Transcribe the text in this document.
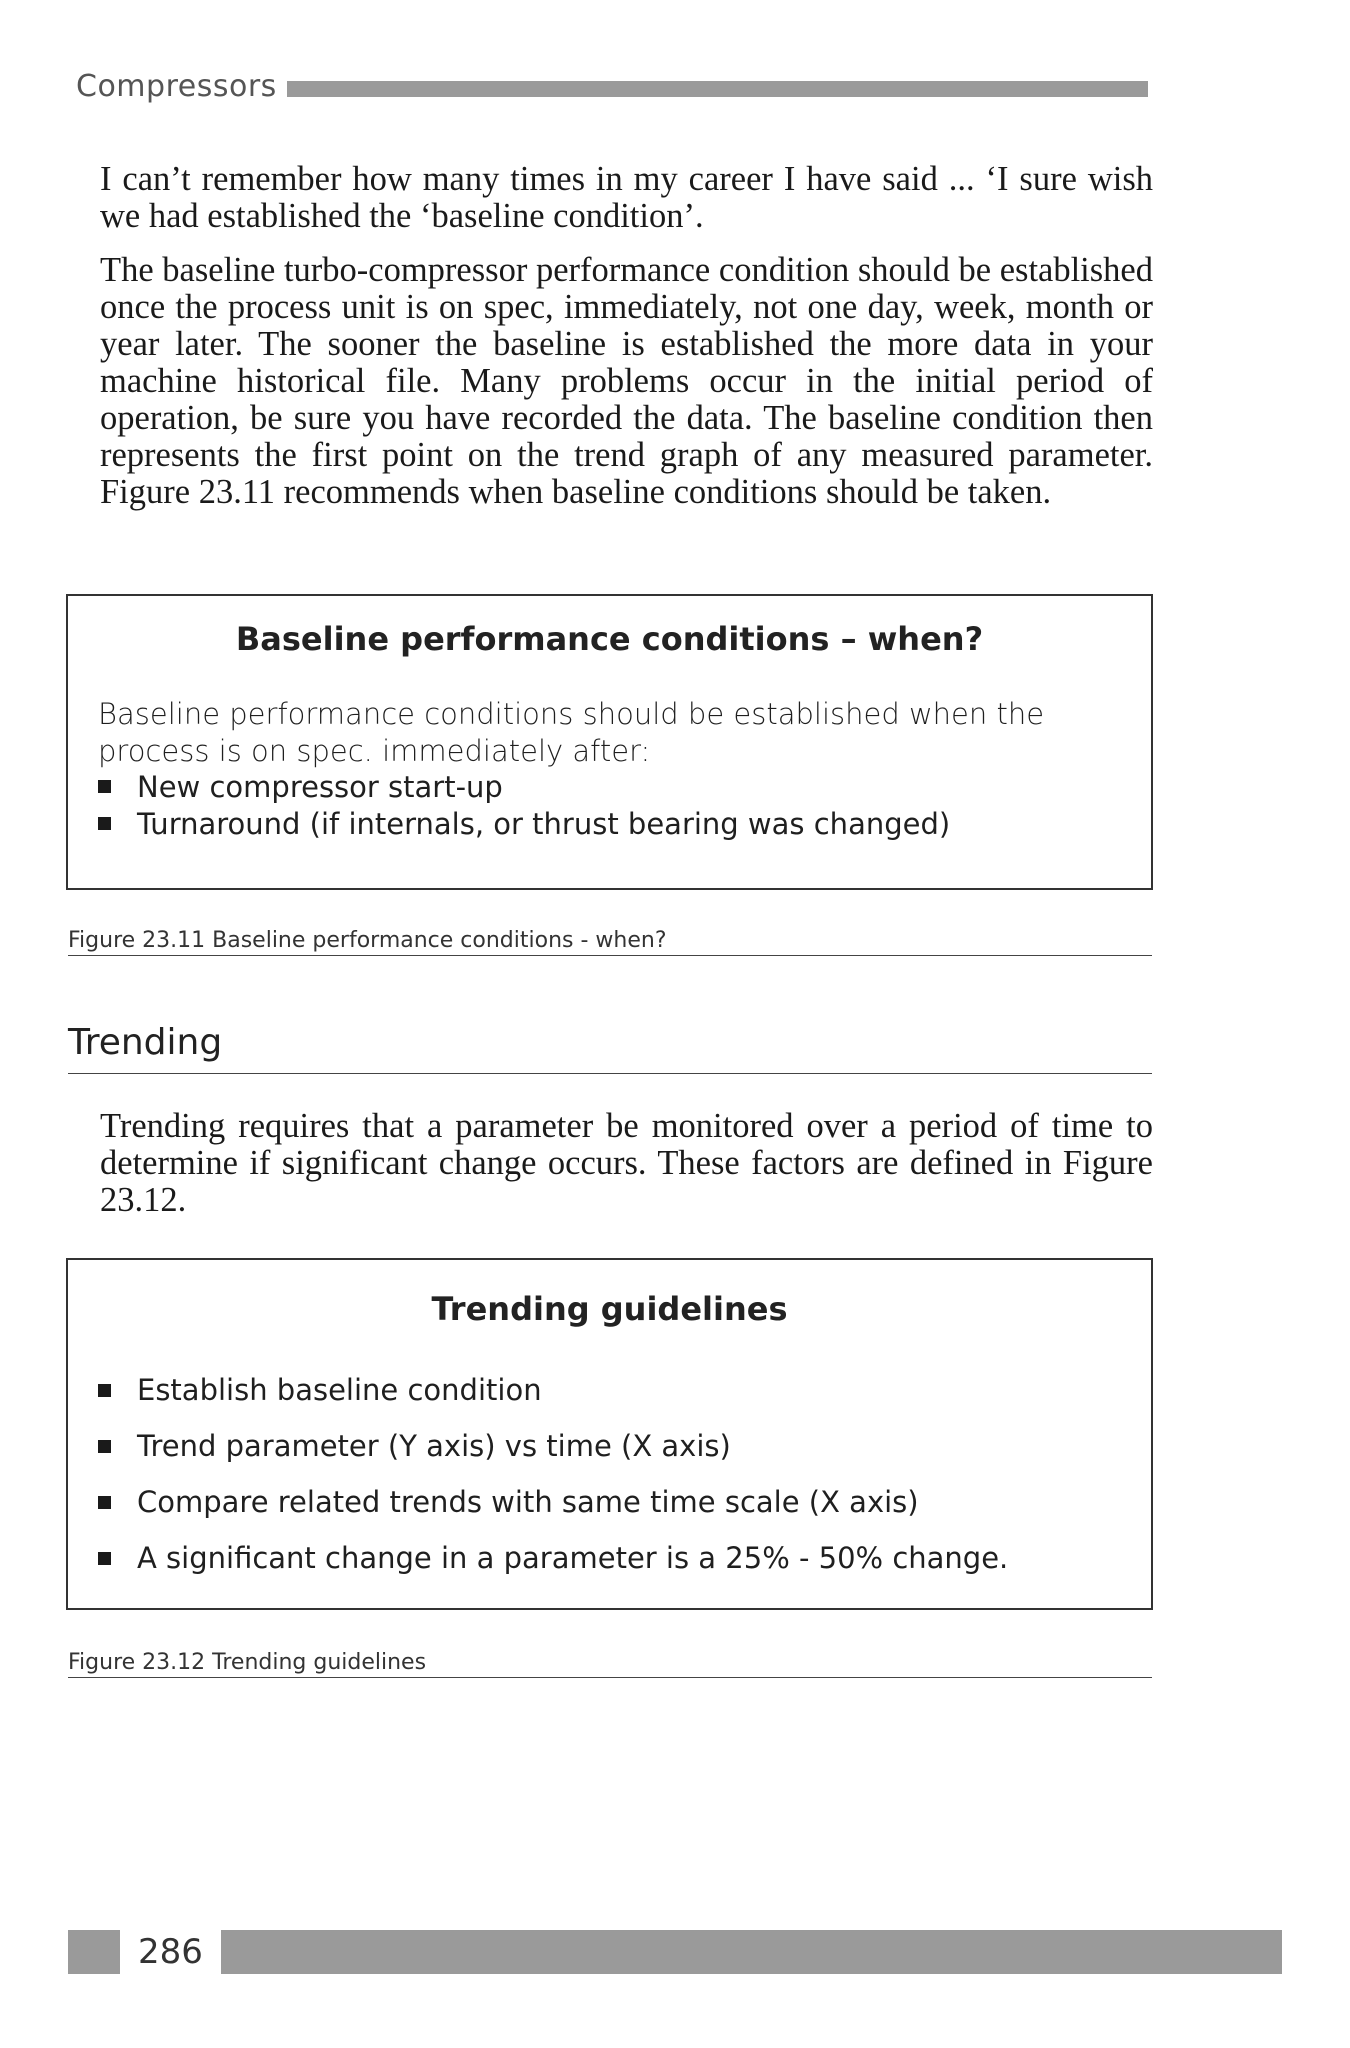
Compressors

I can’t remember how many times in my career I have said ... ‘I sure wish we had established the ‘baseline condition’.

The baseline turbo-compressor performance condition should be established once the process unit is on spec, immediately, not one day, week, month or year later. The sooner the baseline is established the more data in your machine historical file. Many problems occur in the initial period of operation, be sure you have recorded the data. The baseline condition then represents the first point on the trend graph of any measured parameter. Figure 23.11 recommends when baseline conditions should be taken.

Baseline performance conditions – when?
Baseline performance conditions should be established when the process is on spec. immediately after:
New compressor start-up
Turnaround (if internals, or thrust bearing was changed)
Figure 23.11 Baseline performance conditions - when?
Trending

Trending requires that a parameter be monitored over a period of time to determine if significant change occurs. These factors are defined in Figure 23.12.

Trending guidelines
Establish baseline condition
Trend parameter (Y axis) vs time (X axis)
Compare related trends with same time scale (X axis)
A significant change in a parameter is a 25% - 50% change.
Figure 23.12 Trending guidelines
286
